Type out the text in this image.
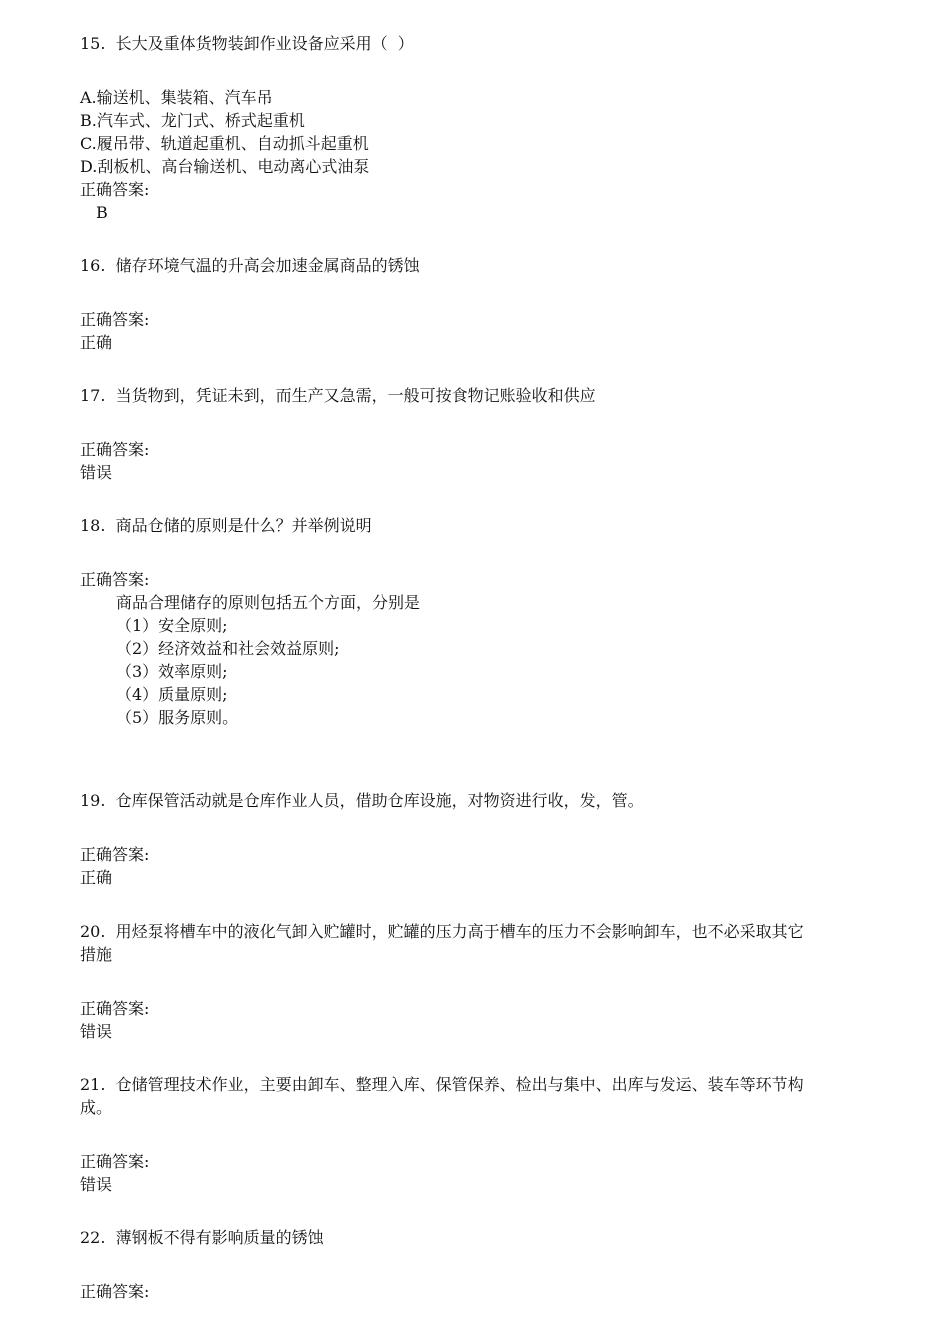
15.  长大及重体货物装卸作业设备应采用（  ）

A.输送机、集装箱、汽车吊

B.汽车式、龙门式、桥式起重机

C.履吊带、轨道起重机、自动抓斗起重机

D.刮板机、高台输送机、电动离心式油泵

正确答案:

B

16.  储存环境气温的升高会加速金属商品的锈蚀

正确答案:

正确

17.  当货物到，凭证未到，而生产又急需，一般可按食物记账验收和供应

正确答案:

错误

18.  商品仓储的原则是什么？并举例说明

正确答案:

商品合理储存的原则包括五个方面，分别是

（1）安全原则;

（2）经济效益和社会效益原则;

（3）效率原则;

（4）质量原则;

（5）服务原则。

19.  仓库保管活动就是仓库作业人员，借助仓库设施，对物资进行收，发，管。

正确答案:

正确

20.  用烃泵将槽车中的液化气卸入贮罐时，贮罐的压力高于槽车的压力不会影响卸车，也不必采取其它

措施

正确答案:

错误

21.  仓储管理技术作业，主要由卸车、整理入库、保管保养、检出与集中、出库与发运、装车等环节构

成。

正确答案:

错误

22.  薄钢板不得有影响质量的锈蚀

正确答案:
